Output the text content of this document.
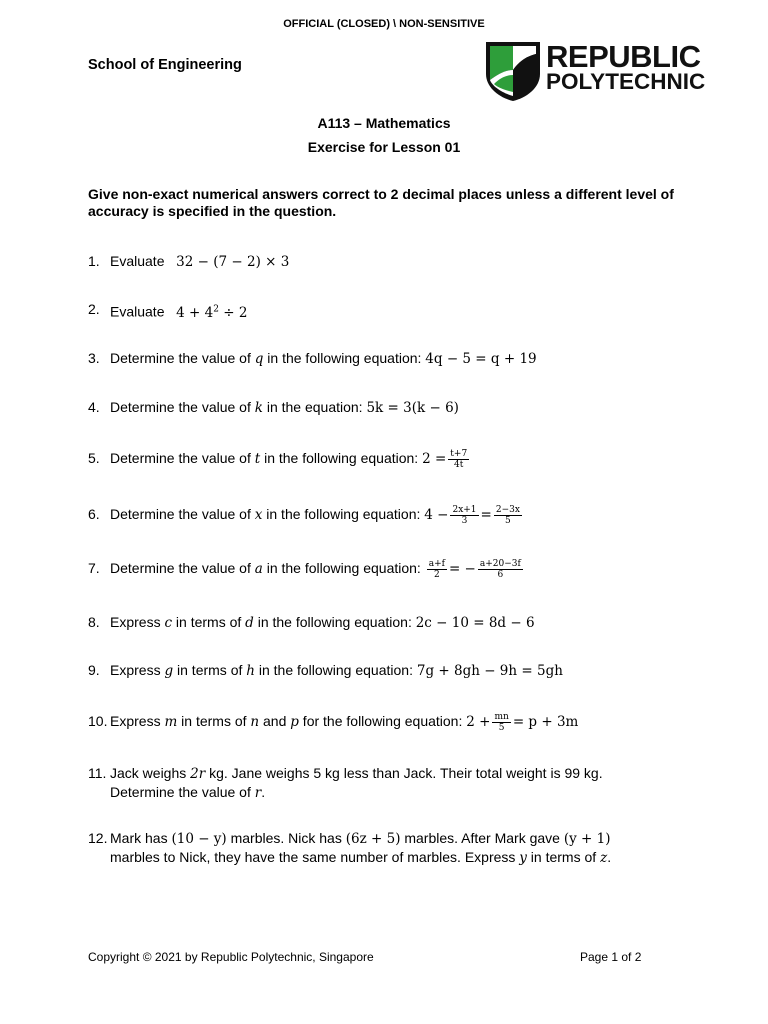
OFFICIAL (CLOSED) \ NON-SENSITIVE
School of Engineering	REPUBLIC
POLYTECHNIC
A113 – Mathematics
Exercise for Lesson 01
Give non-exact numerical answers correct to 2 decimal places unless a different level of accuracy is specified in the question.
1. Evaluate 32 − (7 − 2) × 3
2. Evaluate $4 + 4^2 \div 2$
3. Determine the value of q in the following equation: 4q − 5 = q + 19
4. Determine the value of k in the equation: 5k = 3(k − 6)
5. Determine the value of t in the following equation: $2 = \frac{t+7}{4t}$
6. Determine the value of x in the following equation: $4 - \frac{2x+1}{3} = \frac{2-3x}{5}$
7. Determine the value of a in the following equation: $\frac{a+f}{2}$ = − $\frac{a+20-3f}{6}$
8. Express c in terms of d in the following equation: 2c − 10 = 8d − 6
9. Express g in terms of h in the following equation: 7g + 8gh − 9h = 5gh
10. Express m in terms of n and p for the following equation: $2 + \frac{mn}{5} = p + 3m$
11. Jack weighs 2r kg. Jane weighs 5 kg less than Jack. Their total weight is 99 kg.
Determine the value of r.
12. Mark has (10 − y) marbles. Nick has (6z + 5) marbles. After Mark gave (y + 1)
marbles to Nick, they have the same number of marbles. Express y in terms of z.
Copyright © 2021 by Republic Polytechnic, Singapore	Page 1 of 2
